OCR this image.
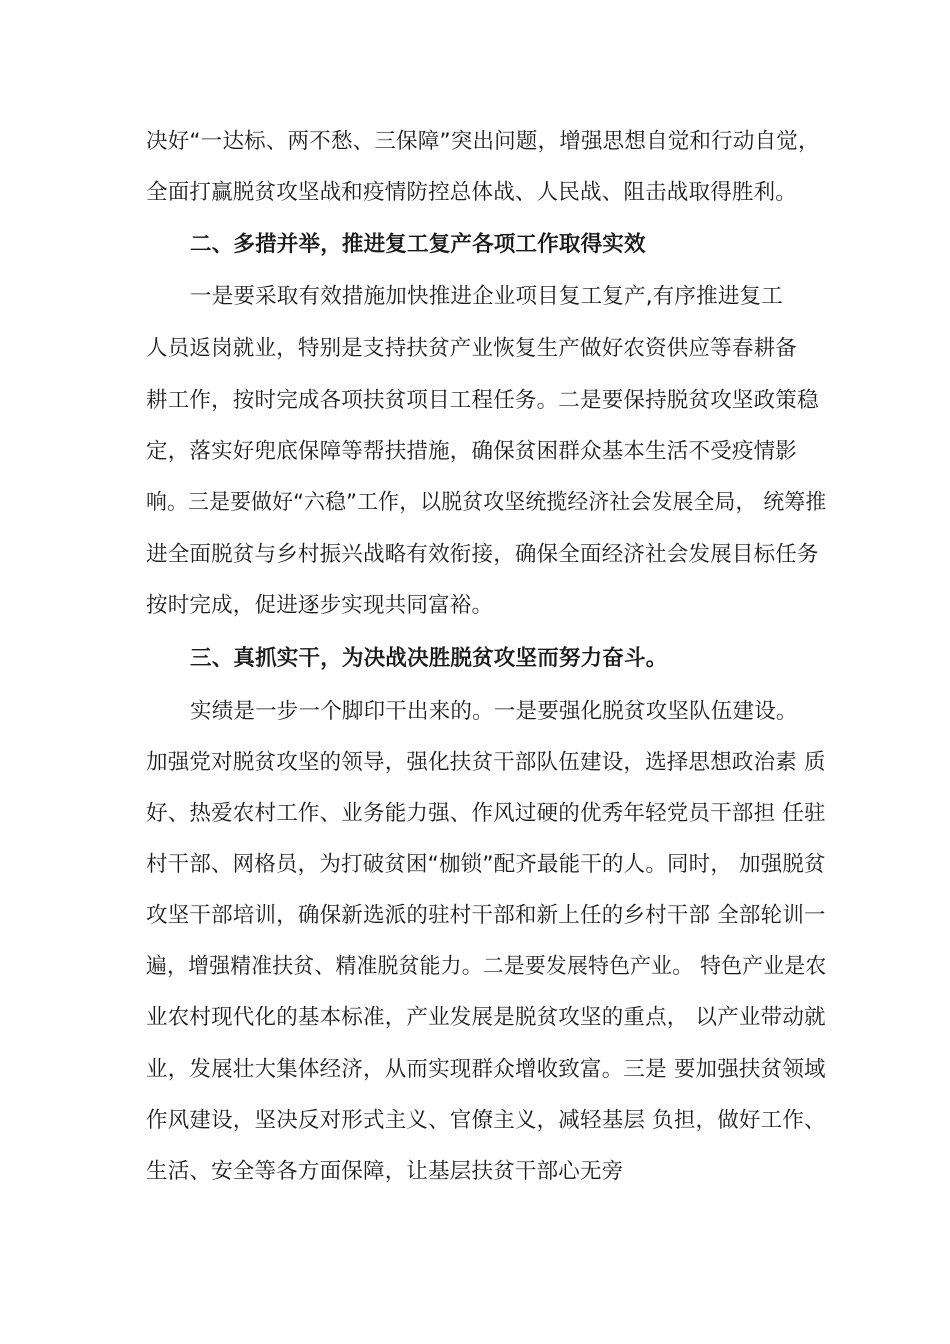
决好“一达标、两不愁、三保障”突出问题，增强思想自觉和行动自觉，
全面打赢脱贫攻坚战和疫情防控总体战、人民战、阻击战取得胜利。
二、多措并举，推进复工复产各项工作取得实效
一是要采取有效措施加快推进企业项目复工复产,有序推进复工
人员返岗就业，特别是支持扶贫产业恢复生产做好农资供应等春耕备
耕工作，按时完成各项扶贫项目工程任务。二是要保持脱贫攻坚政策稳
定，落实好兜底保障等帮扶措施，确保贫困群众基本生活不受疫情影
响。三是要做好“六稳”工作，以脱贫攻坚统揽经济社会发展全局， 统筹推
进全面脱贫与乡村振兴战略有效衔接，确保全面经济社会发展目标任务
按时完成，促进逐步实现共同富裕。
三、真抓实干，为决战决胜脱贫攻坚而努力奋斗。
实绩是一步一个脚印干出来的。一是要强化脱贫攻坚队伍建设。
加强党对脱贫攻坚的领导，强化扶贫干部队伍建设，选择思想政治素 质
好、热爱农村工作、业务能力强、作风过硬的优秀年轻党员干部担 任驻
村干部、网格员，为打破贫困“枷锁”配齐最能干的人。同时， 加强脱贫
攻坚干部培训，确保新选派的驻村干部和新上任的乡村干部 全部轮训一
遍，增强精准扶贫、精准脱贫能力。二是要发展特色产业。 特色产业是农
业农村现代化的基本标准，产业发展是脱贫攻坚的重点， 以产业带动就
业，发展壮大集体经济，从而实现群众增收致富。三是 要加强扶贫领域
作风建设，坚决反对形式主义、官僚主义，减轻基层 负担，做好工作、
生活、安全等各方面保障，让基层扶贫干部心无旁
